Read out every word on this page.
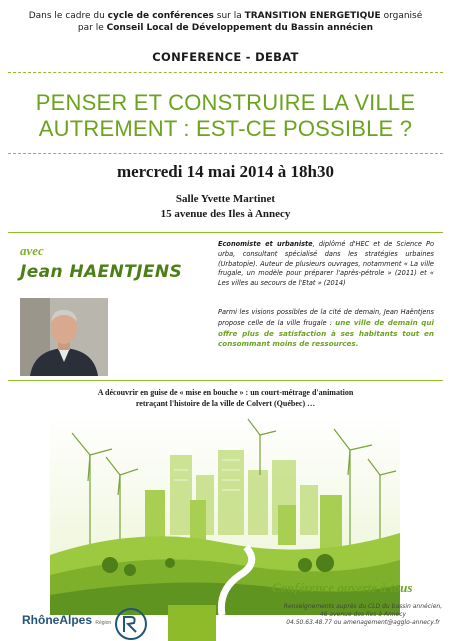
Dans le cadre du cycle de conférences sur la TRANSITION ENERGETIQUE organisé
par le Conseil Local de Développement du Bassin annécien
CONFERENCE - DEBAT
PENSER ET CONSTRUIRE LA VILLE
AUTREMENT : EST-CE POSSIBLE ?
mercredi 14 mai 2014 à 18h30
Salle Yvette Martinet
15 avenue des Iles à Annecy
avec
Jean HAENTJENS
Economiste et urbaniste, diplômé d'HEC et de Science Po urba, consultant spécialisé dans les stratégies urbaines (Urbatopie). Auteur de plusieurs ouvrages, notamment « La ville frugale, un modèle pour préparer l'après-pétrole » (2011) et « Les villes au secours de l'Etat » (2014)
Parmi les visions possibles de la cité de demain, Jean Haëntjens propose celle de la ville frugale : une ville de demain qui offre plus de satisfaction à ses habitants tout en consommant moins de ressources.
A découvrir en guise de « mise en bouche » : un court-métrage d'animation
retraçant l'histoire de la ville de Colvert (Québec) …
Conférence ouverte à tous
Renseignements auprès du CLD du bassin annécien,
46 avenue des Iles à Annecy
04.50.63.48.77 ou amenagement@agglo-annecy.fr
RhôneAlpes Région
